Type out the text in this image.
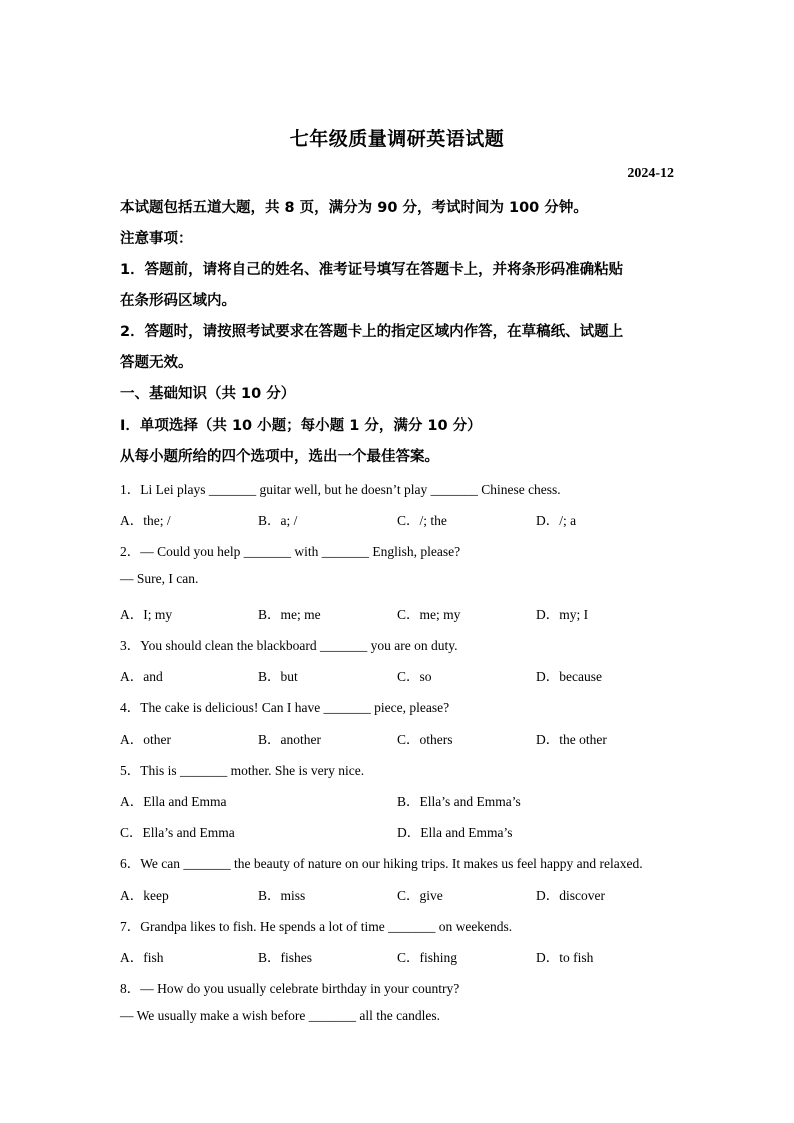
七年级质量调研英语试题
2024-12
本试题包括五道大题，共 8 页，满分为 90 分，考试时间为 100 分钟。
注意事项：
1．答题前，请将自己的姓名、准考证号填写在答题卡上，并将条形码准确粘贴
在条形码区域内。
2．答题时，请按照考试要求在答题卡上的指定区域内作答，在草稿纸、试题上
答题无效。
一、基础知识（共 10 分）
Ⅰ．单项选择（共 10 小题；每小题 1 分，满分 10 分）
从每小题所给的四个选项中，选出一个最佳答案。
1．Li Lei plays _______ guitar well, but he doesn’t play _______ Chinese chess.
A．the; /	B．a; /	C．/; the	D．/; a
2．— Could you help _______ with _______ English, please?
— Sure, I can.
A．I; my	B．me; me	C．me; my	D．my; I
3．You should clean the blackboard _______ you are on duty.
A．and	B．but	C．so	D．because
4．The cake is delicious! Can I have _______ piece, please?
A．other	B．another	C．others	D．the other
5．This is _______ mother. She is very nice.
A．Ella and Emma	B．Ella’s and Emma’s
C．Ella’s and Emma	D．Ella and Emma’s
6．We can _______ the beauty of nature on our hiking trips. It makes us feel happy and relaxed.
A．keep	B．miss	C．give	D．discover
7．Grandpa likes to fish. He spends a lot of time _______ on weekends.
A．fish	B．fishes	C．fishing	D．to fish
8．— How do you usually celebrate birthday in your country?
— We usually make a wish before _______ all the candles.
